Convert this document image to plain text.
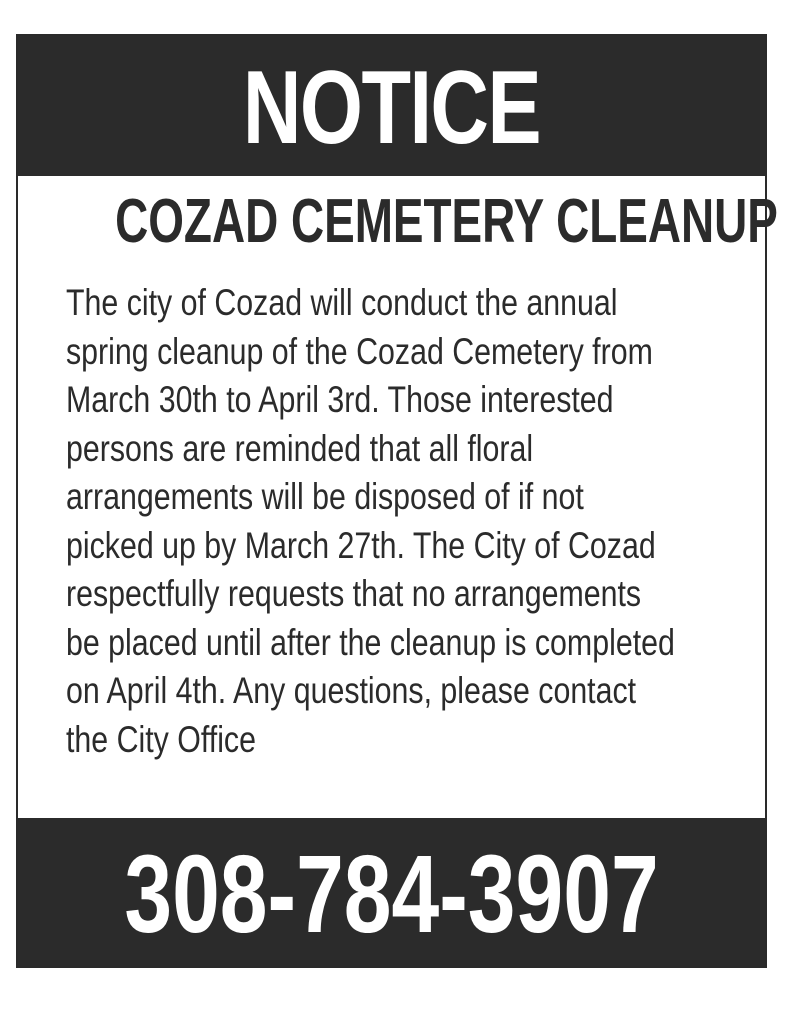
NOTICE
COZAD CEMETERY CLEANUP
The city of Cozad will conduct the annual
spring cleanup of the Cozad Cemetery from
March 30th to April 3rd. Those interested
persons are reminded that all floral
arrangements will be disposed of if not
picked up by March 27th. The City of Cozad
respectfully requests that no arrangements
be placed until after the cleanup is completed
on April 4th. Any questions, please contact
the City Office
308-784-3907
